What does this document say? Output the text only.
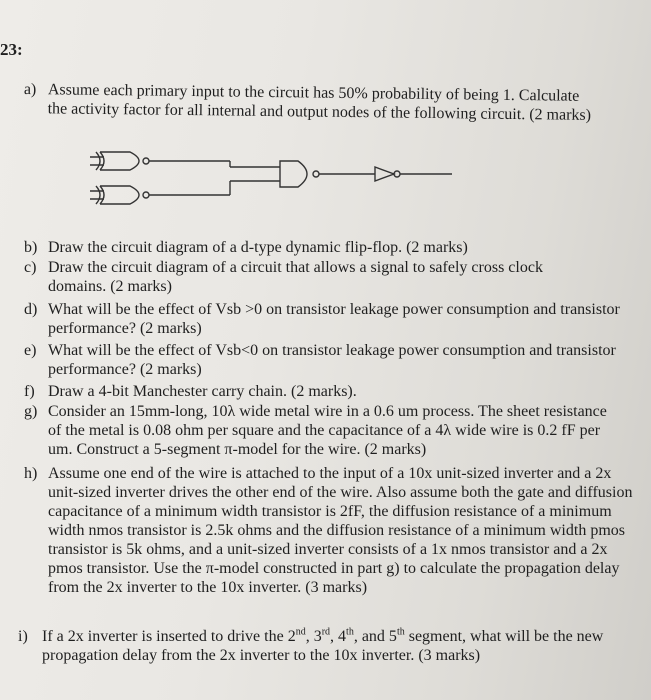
23:
a) Assume each primary input to the circuit has 50% probability of being 1. Calculate the activity factor for all internal and output nodes of the following circuit. (2 marks)
b) Draw the circuit diagram of a d-type dynamic flip-flop. (2 marks)
c) Draw the circuit diagram of a circuit that allows a signal to safely cross clock domains. (2 marks)
d) What will be the effect of Vsb >0 on transistor leakage power consumption and transistor performance? (2 marks)
e) What will be the effect of Vsb<0 on transistor leakage power consumption and transistor performance? (2 marks)
f) Draw a 4-bit Manchester carry chain. (2 marks).
g) Consider an 15mm-long, 10λ wide metal wire in a 0.6 um process. The sheet resistance of the metal is 0.08 ohm per square and the capacitance of a 4λ wide wire is 0.2 fF per um. Construct a 5-segment π-model for the wire. (2 marks)
h) Assume one end of the wire is attached to the input of a 10x unit-sized inverter and a 2x unit-sized inverter drives the other end of the wire. Also assume both the gate and diffusion capacitance of a minimum width transistor is 2fF, the diffusion resistance of a minimum width nmos transistor is 2.5k ohms and the diffusion resistance of a minimum width pmos transistor is 5k ohms, and a unit-sized inverter consists of a 1x nmos transistor and a 2x pmos transistor. Use the π-model constructed in part g) to calculate the propagation delay from the 2x inverter to the 10x inverter. (3 marks)
i) If a 2x inverter is inserted to drive the 2nd, 3rd, 4th, and 5th segment, what will be the new propagation delay from the 2x inverter to the 10x inverter. (3 marks)
